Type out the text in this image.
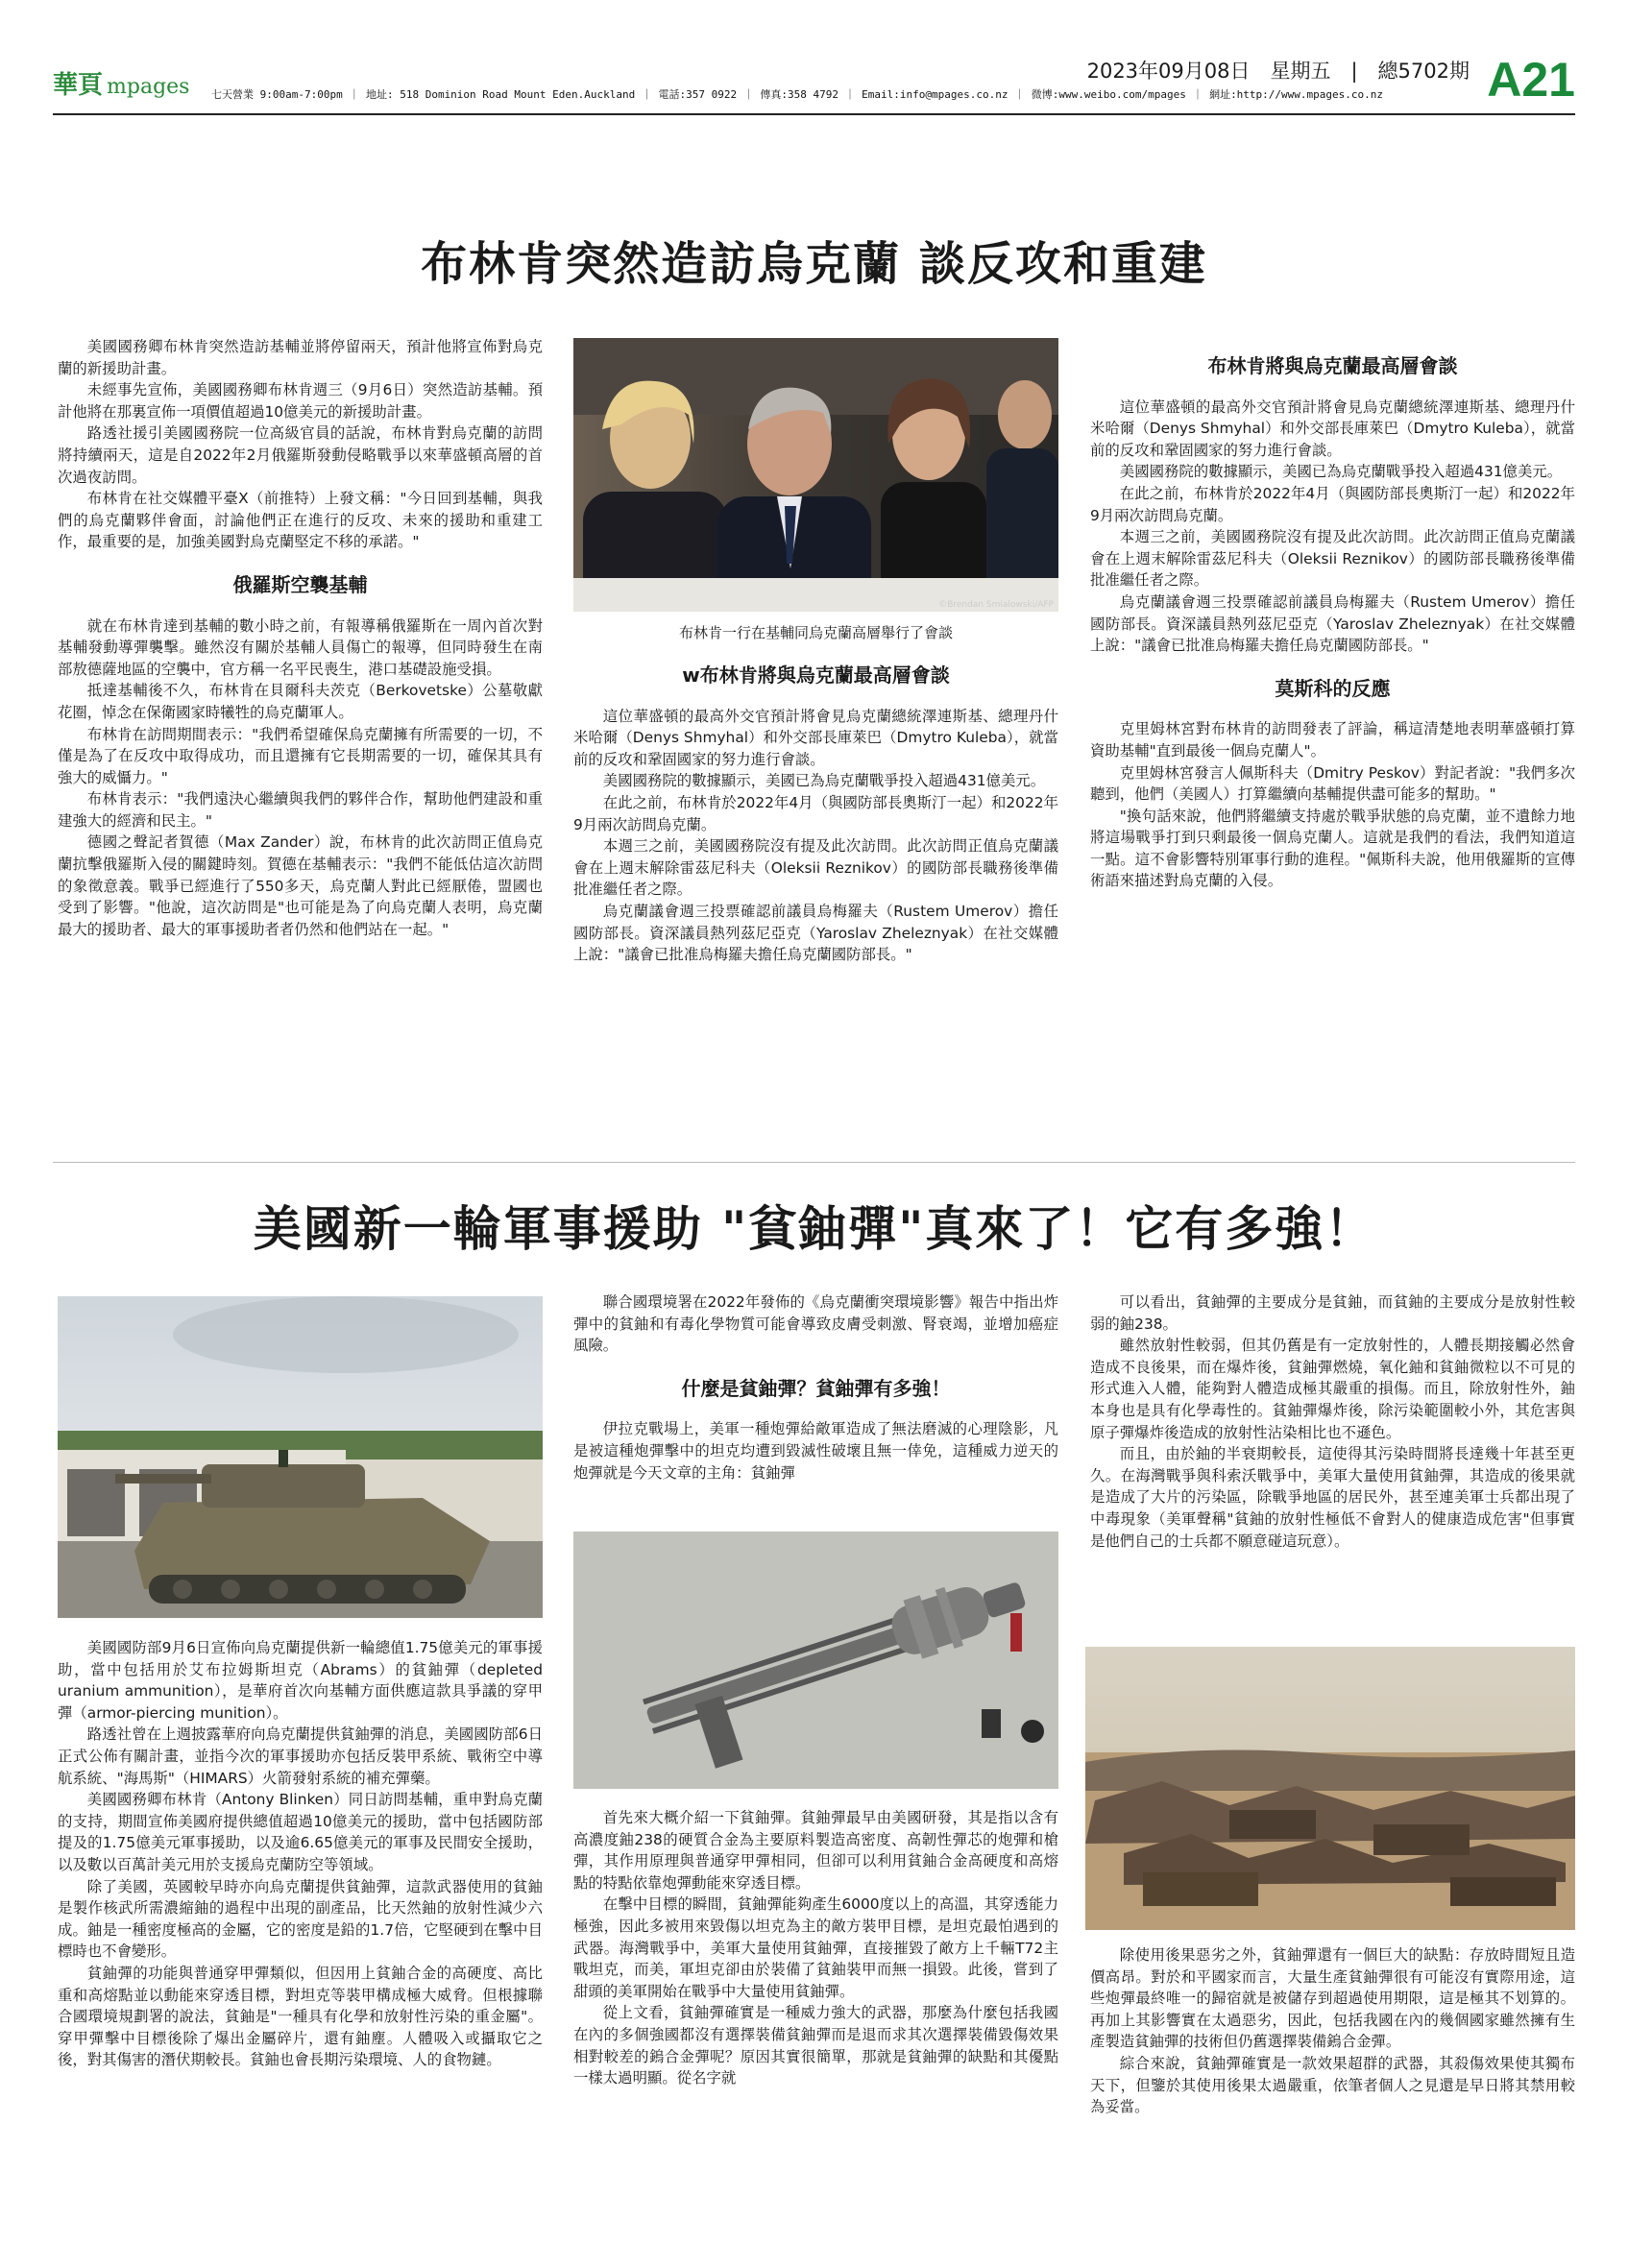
華頁 mpages 七天營業 9:00am-7:00pm ｜ 地址: 518 Dominion Road Mount Eden.Auckland ｜ 電話:357 0922 ｜ 傳真:358 4792 ｜ Email:info@mpages.co.nz ｜ 微博:www.weibo.com/mpages ｜ 網址:http://www.mpages.co.nz
2023年09月08日　星期五　|　總5702期 A21
布林肯突然造訪烏克蘭 談反攻和重建

美國國務卿布林肯突然造訪基輔並將停留兩天，預計他將宣佈對烏克蘭的新援助計畫。

未經事先宣佈，美國國務卿布林肯週三（9月6日）突然造訪基輔。預計他將在那裏宣佈一項價值超過10億美元的新援助計畫。

路透社援引美國國務院一位高級官員的話說，布林肯對烏克蘭的訪問將持續兩天，這是自2022年2月俄羅斯發動侵略戰爭以來華盛頓高層的首次過夜訪問。

布林肯在社交媒體平臺X（前推特）上發文稱："今日回到基輔，與我們的烏克蘭夥伴會面，討論他們正在進行的反攻、未來的援助和重建工作，最重要的是，加強美國對烏克蘭堅定不移的承諾。"

俄羅斯空襲基輔

就在布林肯達到基輔的數小時之前，有報導稱俄羅斯在一周內首次對基輔發動導彈襲擊。雖然沒有關於基輔人員傷亡的報導，但同時發生在南部敖德薩地區的空襲中，官方稱一名平民喪生，港口基礎設施受損。

抵達基輔後不久，布林肯在貝爾科夫茨克（Berkovetske）公墓敬獻花圈，悼念在保衛國家時犧牲的烏克蘭軍人。

布林肯在訪問期間表示："我們希望確保烏克蘭擁有所需要的一切，不僅是為了在反攻中取得成功，而且還擁有它長期需要的一切，確保其具有強大的威懾力。"

布林肯表示："我們遠決心繼續與我們的夥伴合作，幫助他們建設和重建強大的經濟和民主。"

德國之聲記者賀德（Max Zander）說，布林肯的此次訪問正值烏克蘭抗擊俄羅斯入侵的關鍵時刻。賀德在基輔表示："我們不能低估這次訪問的象徵意義。戰爭已經進行了550多天，烏克蘭人對此已經厭倦，盟國也受到了影響。"他說，這次訪問是"也可能是為了向烏克蘭人表明，烏克蘭最大的援助者、最大的軍事援助者者仍然和他們站在一起。"

©Brendan Smialowski/AFP
布林肯一行在基輔同烏克蘭高層舉行了會談
w布林肯將與烏克蘭最高層會談

這位華盛頓的最高外交官預計將會見烏克蘭總統澤連斯基、總理丹什米哈爾（Denys Shmyhal）和外交部長庫萊巴（Dmytro Kuleba），就當前的反攻和鞏固國家的努力進行會談。

美國國務院的數據顯示，美國已為烏克蘭戰爭投入超過431億美元。

在此之前，布林肯於2022年4月（與國防部長奧斯汀一起）和2022年9月兩次訪問烏克蘭。

本週三之前，美國國務院沒有提及此次訪問。此次訪問正值烏克蘭議會在上週末解除雷茲尼科夫（Oleksii Reznikov）的國防部長職務後準備批准繼任者之際。

烏克蘭議會週三投票確認前議員烏梅羅夫（Rustem Umerov）擔任國防部長。資深議員熱列茲尼亞克（Yaroslav Zheleznyak）在社交媒體上說："議會已批准烏梅羅夫擔任烏克蘭國防部長。"

布林肯將與烏克蘭最高層會談

這位華盛頓的最高外交官預計將會見烏克蘭總統澤連斯基、總理丹什米哈爾（Denys Shmyhal）和外交部長庫萊巴（Dmytro Kuleba），就當前的反攻和鞏固國家的努力進行會談。

美國國務院的數據顯示，美國已為烏克蘭戰爭投入超過431億美元。

在此之前，布林肯於2022年4月（與國防部長奧斯汀一起）和2022年9月兩次訪問烏克蘭。

本週三之前，美國國務院沒有提及此次訪問。此次訪問正值烏克蘭議會在上週末解除雷茲尼科夫（Oleksii Reznikov）的國防部長職務後準備批准繼任者之際。

烏克蘭議會週三投票確認前議員烏梅羅夫（Rustem Umerov）擔任國防部長。資深議員熱列茲尼亞克（Yaroslav Zheleznyak）在社交媒體上說："議會已批准烏梅羅夫擔任烏克蘭國防部長。"

莫斯科的反應

克里姆林宮對布林肯的訪問發表了評論，稱這清楚地表明華盛頓打算資助基輔"直到最後一個烏克蘭人"。

克里姆林宮發言人佩斯科夫（Dmitry Peskov）對記者說："我們多次聽到，他們（美國人）打算繼續向基輔提供盡可能多的幫助。"

"換句話來說，他們將繼續支持處於戰爭狀態的烏克蘭，並不遺餘力地將這場戰爭打到只剩最後一個烏克蘭人。這就是我們的看法，我們知道這一點。這不會影響特別軍事行動的進程。"佩斯科夫說，他用俄羅斯的宣傳術語來描述對烏克蘭的入侵。

美國新一輪軍事援助 "貧鈾彈"真來了！它有多強！

美國國防部9月6日宣佈向烏克蘭提供新一輪總值1.75億美元的軍事援助，當中包括用於艾布拉姆斯坦克（Abrams）的貧鈾彈（depleted uranium ammunition），是華府首次向基輔方面供應這款具爭議的穿甲彈（armor-piercing munition）。

路透社曾在上週披露華府向烏克蘭提供貧鈾彈的消息，美國國防部6日正式公佈有關計畫，並指今次的軍事援助亦包括反裝甲系統、戰術空中導航系統、"海馬斯"（HIMARS）火箭發射系統的補充彈藥。

美國國務卿布林肯（Antony Blinken）同日訪問基輔，重申對烏克蘭的支持，期間宣佈美國府提供總值超過10億美元的援助，當中包括國防部提及的1.75億美元軍事援助，以及逾6.65億美元的軍事及民間安全援助，以及數以百萬計美元用於支援烏克蘭防空等領域。

除了美國，英國較早時亦向烏克蘭提供貧鈾彈，這款武器使用的貧鈾是製作核武所需濃縮鈾的過程中出現的副產品，比天然鈾的放射性減少六成。鈾是一種密度極高的金屬，它的密度是鉛的1.7倍，它堅硬到在擊中目標時也不會變形。

貧鈾彈的功能與普通穿甲彈類似，但因用上貧鈾合金的高硬度、高比重和高熔點並以動能來穿透目標，對坦克等裝甲構成極大威脅。但根據聯合國環境規劃署的說法，貧鈾是"一種具有化學和放射性污染的重金屬"。穿甲彈擊中目標後除了爆出金屬碎片，還有鈾塵。人體吸入或攝取它之後，對其傷害的潛伏期較長。貧鈾也會長期污染環境、人的食物鏈。

聯合國環境署在2022年發佈的《烏克蘭衝突環境影響》報告中指出炸彈中的貧鈾和有毒化學物質可能會導致皮膚受刺激、腎衰竭，並增加癌症風險。

什麼是貧鈾彈？貧鈾彈有多強！

伊拉克戰場上，美軍一種炮彈給敵軍造成了無法磨滅的心理陰影，凡是被這種炮彈擊中的坦克均遭到毀滅性破壞且無一倖免，這種威力逆天的炮彈就是今天文章的主角：貧鈾彈

首先來大概介紹一下貧鈾彈。貧鈾彈最早由美國研發，其是指以含有高濃度鈾238的硬質合金為主要原料製造高密度、高韌性彈芯的炮彈和槍彈，其作用原理與普通穿甲彈相同，但卻可以利用貧鈾合金高硬度和高熔點的特點依靠炮彈動能來穿透目標。

在擊中目標的瞬間，貧鈾彈能夠產生6000度以上的高溫，其穿透能力極強，因此多被用來毀傷以坦克為主的敵方裝甲目標，是坦克最怕遇到的武器。海灣戰爭中，美軍大量使用貧鈾彈，直接摧毀了敵方上千輛T72主戰坦克，而美，軍坦克卻由於裝備了貧鈾裝甲而無一損毀。此後，嘗到了甜頭的美軍開始在戰爭中大量使用貧鈾彈。

從上文看，貧鈾彈確實是一種威力強大的武器，那麼為什麼包括我國在內的多個強國都沒有選擇裝備貧鈾彈而是退而求其次選擇裝備毀傷效果相對較差的鎢合金彈呢？原因其實很簡單，那就是貧鈾彈的缺點和其優點一樣太過明顯。從名字就

可以看出，貧鈾彈的主要成分是貧鈾，而貧鈾的主要成分是放射性較弱的鈾238。

雖然放射性較弱，但其仍舊是有一定放射性的，人體長期接觸必然會造成不良後果，而在爆炸後，貧鈾彈燃燒，氧化鈾和貧鈾微粒以不可見的形式進入人體，能夠對人體造成極其嚴重的損傷。而且，除放射性外，鈾本身也是具有化學毒性的。貧鈾彈爆炸後，除污染範圍較小外，其危害與原子彈爆炸後造成的放射性沾染相比也不遜色。

而且，由於鈾的半衰期較長，這使得其污染時間將長達幾十年甚至更久。在海灣戰爭與科索沃戰爭中，美軍大量使用貧鈾彈，其造成的後果就是造成了大片的污染區，除戰爭地區的居民外，甚至連美軍士兵都出現了中毒現象（美軍聲稱"貧鈾的放射性極低不會對人的健康造成危害"但事實是他們自己的士兵都不願意碰這玩意）。

除使用後果惡劣之外，貧鈾彈還有一個巨大的缺點：存放時間短且造價高昂。對於和平國家而言，大量生產貧鈾彈很有可能沒有實際用途，這些炮彈最終唯一的歸宿就是被儲存到超過使用期限，這是極其不划算的。再加上其影響實在太過惡劣，因此，包括我國在內的幾個國家雖然擁有生產製造貧鈾彈的技術但仍舊選擇裝備鎢合金彈。

綜合來說，貧鈾彈確實是一款效果超群的武器，其殺傷效果使其獨布天下，但鑒於其使用後果太過嚴重，依筆者個人之見還是早日將其禁用較為妥當。
